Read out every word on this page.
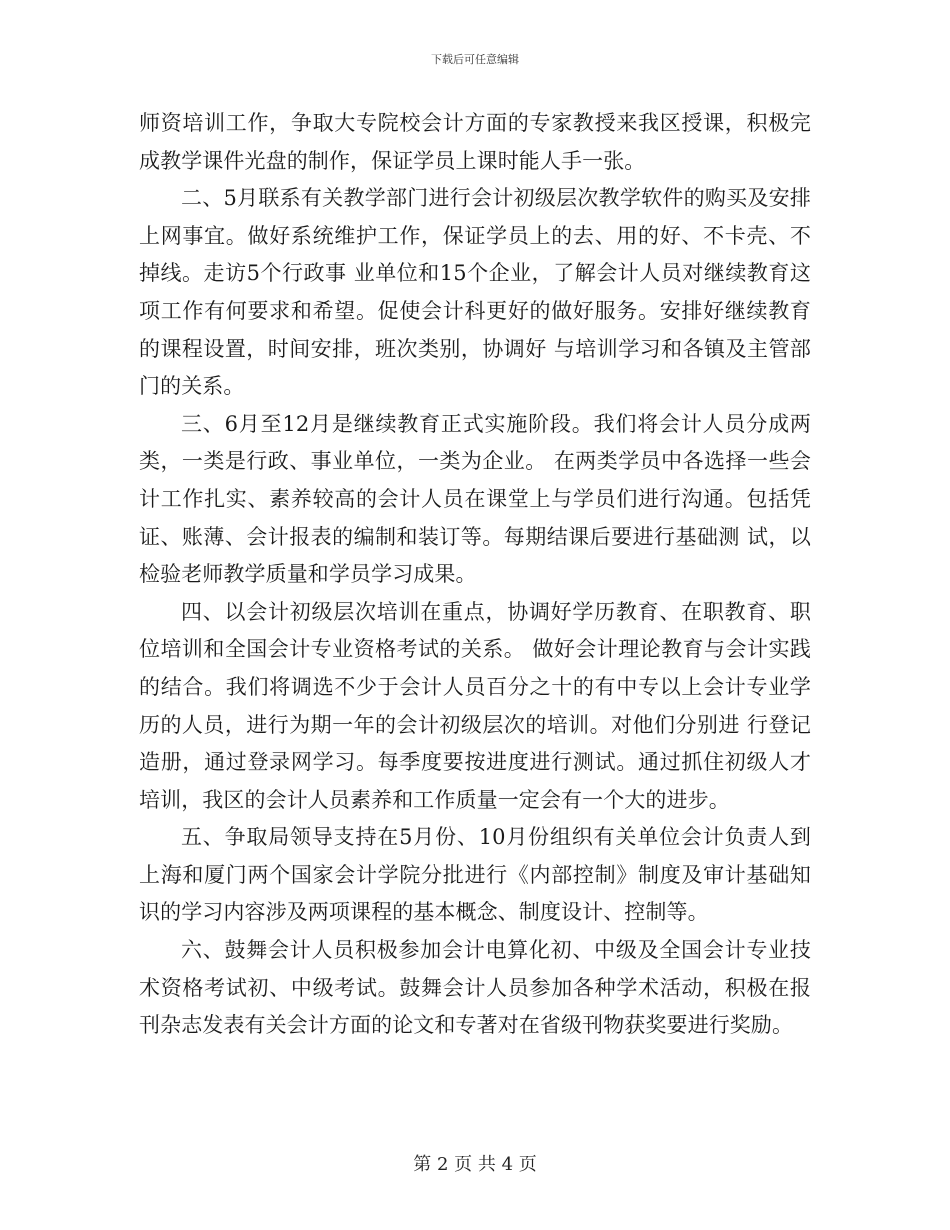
下载后可任意编辑

师资培训工作，争取大专院校会计方面的专家教授来我区授课，积极完成教学课件光盘的制作，保证学员上课时能人手一张。

二、5月联系有关教学部门进行会计初级层次教学软件的购买及安排上网事宜。做好系统维护工作，保证学员上的去、用的好、不卡壳、不掉线。走访5个行政事 业单位和15个企业，了解会计人员对继续教育这项工作有何要求和希望。促使会计科更好的做好服务。安排好继续教育的课程设置，时间安排，班次类别，协调好 与培训学习和各镇及主管部门的关系。

三、6月至12月是继续教育正式实施阶段。我们将会计人员分成两类，一类是行政、事业单位，一类为企业。 在两类学员中各选择一些会计工作扎实、素养较高的会计人员在课堂上与学员们进行沟通。包括凭证、账薄、会计报表的编制和装订等。每期结课后要进行基础测 试，以检验老师教学质量和学员学习成果。

四、以会计初级层次培训在重点，协调好学历教育、在职教育、职位培训和全国会计专业资格考试的关系。 做好会计理论教育与会计实践的结合。我们将调选不少于会计人员百分之十的有中专以上会计专业学历的人员，进行为期一年的会计初级层次的培训。对他们分别进 行登记造册，通过登录网学习。每季度要按进度进行测试。通过抓住初级人才培训，我区的会计人员素养和工作质量一定会有一个大的进步。

五、争取局领导支持在5月份、10月份组织有关单位会计负责人到上海和厦门两个国家会计学院分批进行《内部控制》制度及审计基础知识的学习内容涉及两项课程的基本概念、制度设计、控制等。

六、鼓舞会计人员积极参加会计电算化初、中级及全国会计专业技术资格考试初、中级考试。鼓舞会计人员参加各种学术活动，积极在报刊杂志发表有关会计方面的论文和专著对在省级刊物获奖要进行奖励。

第 2 页 共 4 页
